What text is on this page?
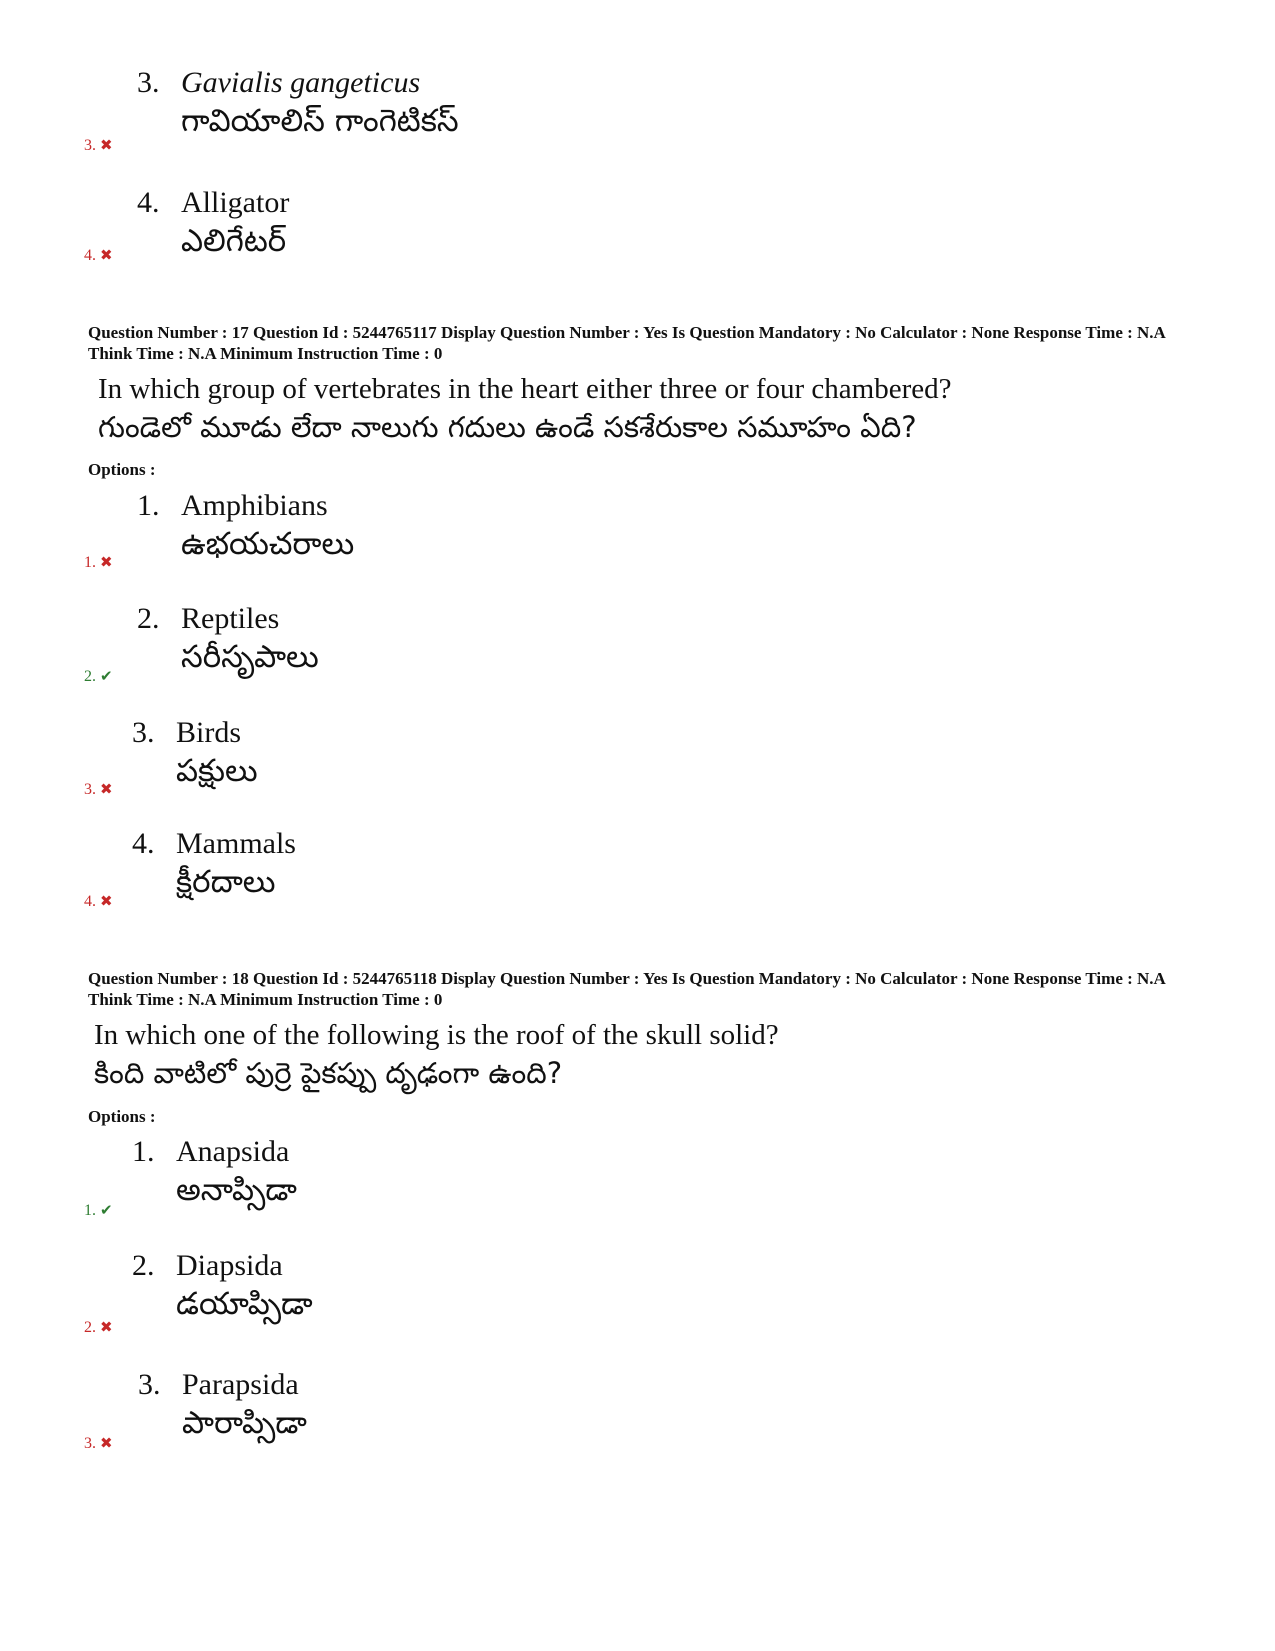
3. Gavialis gangeticus
గావియాలిస్ గాంగెటికస్
3. ✖
4. Alligator
ఎలిగేటర్
4. ✖
Question Number : 17 Question Id : 5244765117 Display Question Number : Yes Is Question Mandatory : No Calculator : None Response Time : N.A Think Time : N.A Minimum Instruction Time : 0
In which group of vertebrates in the heart either three or four chambered?
గుండెలో మూడు లేదా నాలుగు గదులు ఉండే సకశేరుకాల సమూహం ఏది?
Options :
1. Amphibians
ఉభయచరాలు
1. ✖
2. Reptiles
సరీసృపాలు
2. ✔
3. Birds
పక్షులు
3. ✖
4. Mammals
క్షీరదాలు
4. ✖
Question Number : 18 Question Id : 5244765118 Display Question Number : Yes Is Question Mandatory : No Calculator : None Response Time : N.A Think Time : N.A Minimum Instruction Time : 0
In which one of the following is the roof of the skull solid?
కింది వాటిలో పుర్రె పైకప్పు దృఢంగా ఉంది?
Options :
1. Anapsida
అనాప్సిడా
1. ✔
2. Diapsida
డయాప్సిడా
2. ✖
3. Parapsida
పారాప్సిడా
3. ✖
